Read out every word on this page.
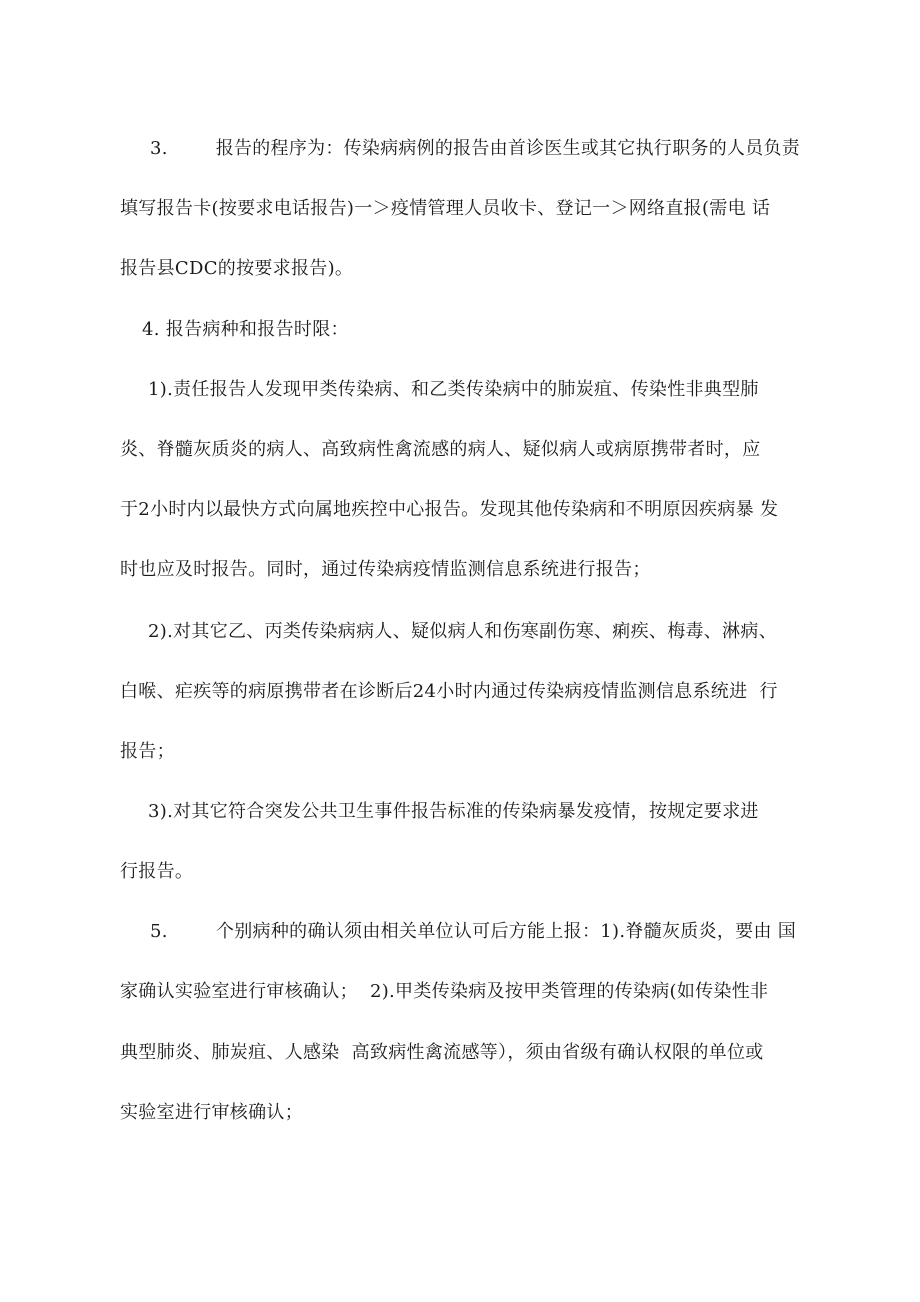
3.        报告的程序为：传染病病例的报告由首诊医生或其它执行职务的人员负责
填写报告卡(按要求电话报告)一＞疫情管理人员收卡、登记一＞网络直报(需电 话
报告县CDC的按要求报告)。
4. 报告病种和报告时限：
1).责任报告人发现甲类传染病、和乙类传染病中的肺炭疽、传染性非典型肺
炎、脊髓灰质炎的病人、高致病性禽流感的病人、疑似病人或病原携带者时，应
于2小时内以最快方式向属地疾控中心报告。发现其他传染病和不明原因疾病暴 发
时也应及时报告。同时，通过传染病疫情监测信息系统进行报告；
2).对其它乙、丙类传染病病人、疑似病人和伤寒副伤寒、痢疾、梅毒、淋病、
白喉、疟疾等的病原携带者在诊断后24小时内通过传染病疫情监测信息系统进  行
报告；
3).对其它符合突发公共卫生事件报告标准的传染病暴发疫情，按规定要求进
行报告。
5.        个别病种的确认须由相关单位认可后方能上报：1).脊髓灰质炎，要由 国
家确认实验室进行审核确认；  2).甲类传染病及按甲类管理的传染病(如传染性非
典型肺炎、肺炭疽、人感染  高致病性禽流感等），须由省级有确认权限的单位或
实验室进行审核确认；
